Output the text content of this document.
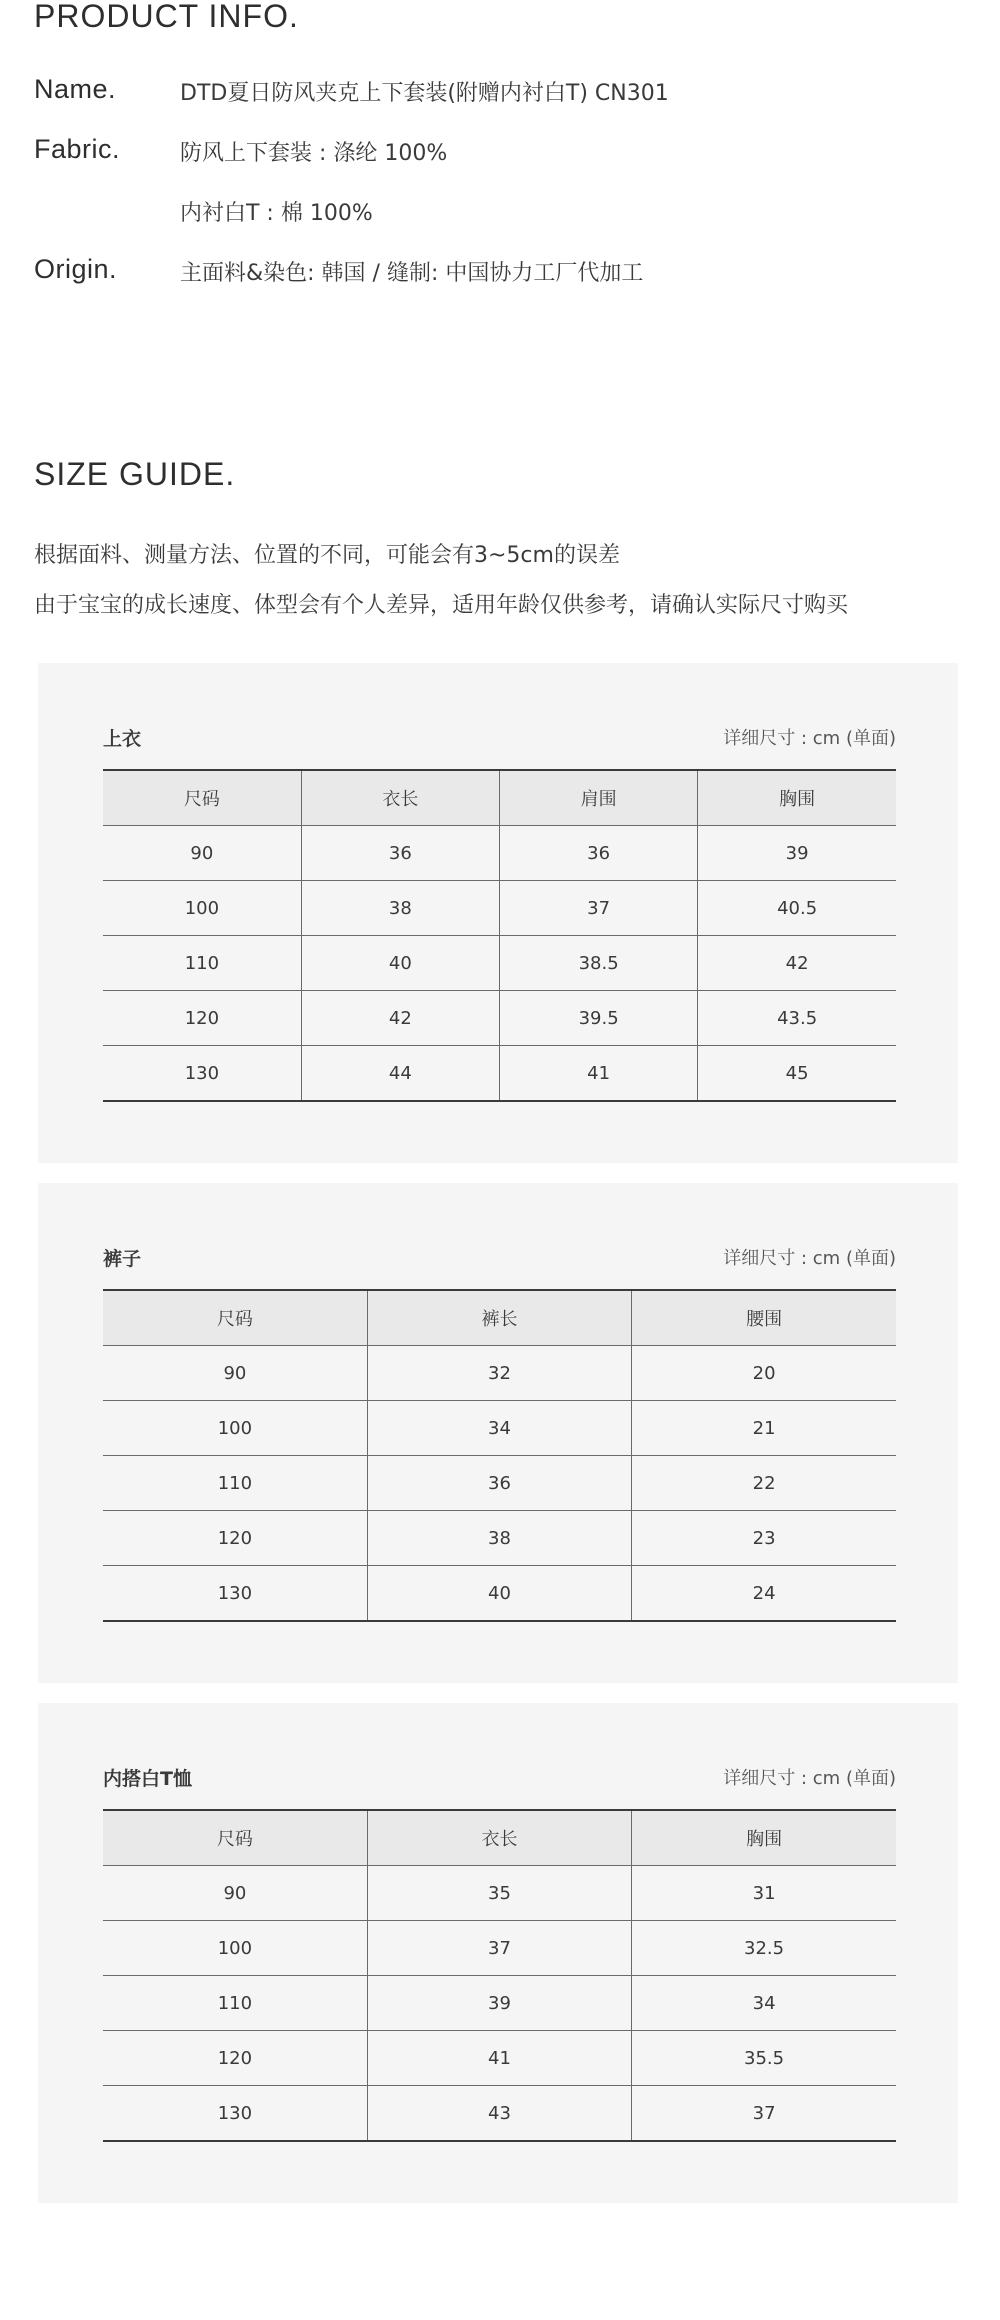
PRODUCT INFO.
Name.	DTD夏日防风夹克上下套装(附赠内衬白T) CN301
Fabric.	防风上下套装 : 涤纶 100%
内衬白T : 棉 100%
Origin.	主面料&染色: 韩国 / 缝制: 中国协力工厂代加工
SIZE GUIDE.
根据面料、测量方法、位置的不同，可能会有3~5cm的误差
由于宝宝的成长速度、体型会有个人差异，适用年龄仅供参考，请确认实际尺寸购买
上衣	详细尺寸 : cm (单面)
尺码	衣长	肩围	胸围
90	36	36	39
100	38	37	40.5
110	40	38.5	42
120	42	39.5	43.5
130	44	41	45
裤子	详细尺寸 : cm (单面)
尺码	裤长	腰围
90	32	20
100	34	21
110	36	22
120	38	23
130	40	24
内搭白T恤	详细尺寸 : cm (单面)
尺码	衣长	胸围
90	35	31
100	37	32.5
110	39	34
120	41	35.5
130	43	37
